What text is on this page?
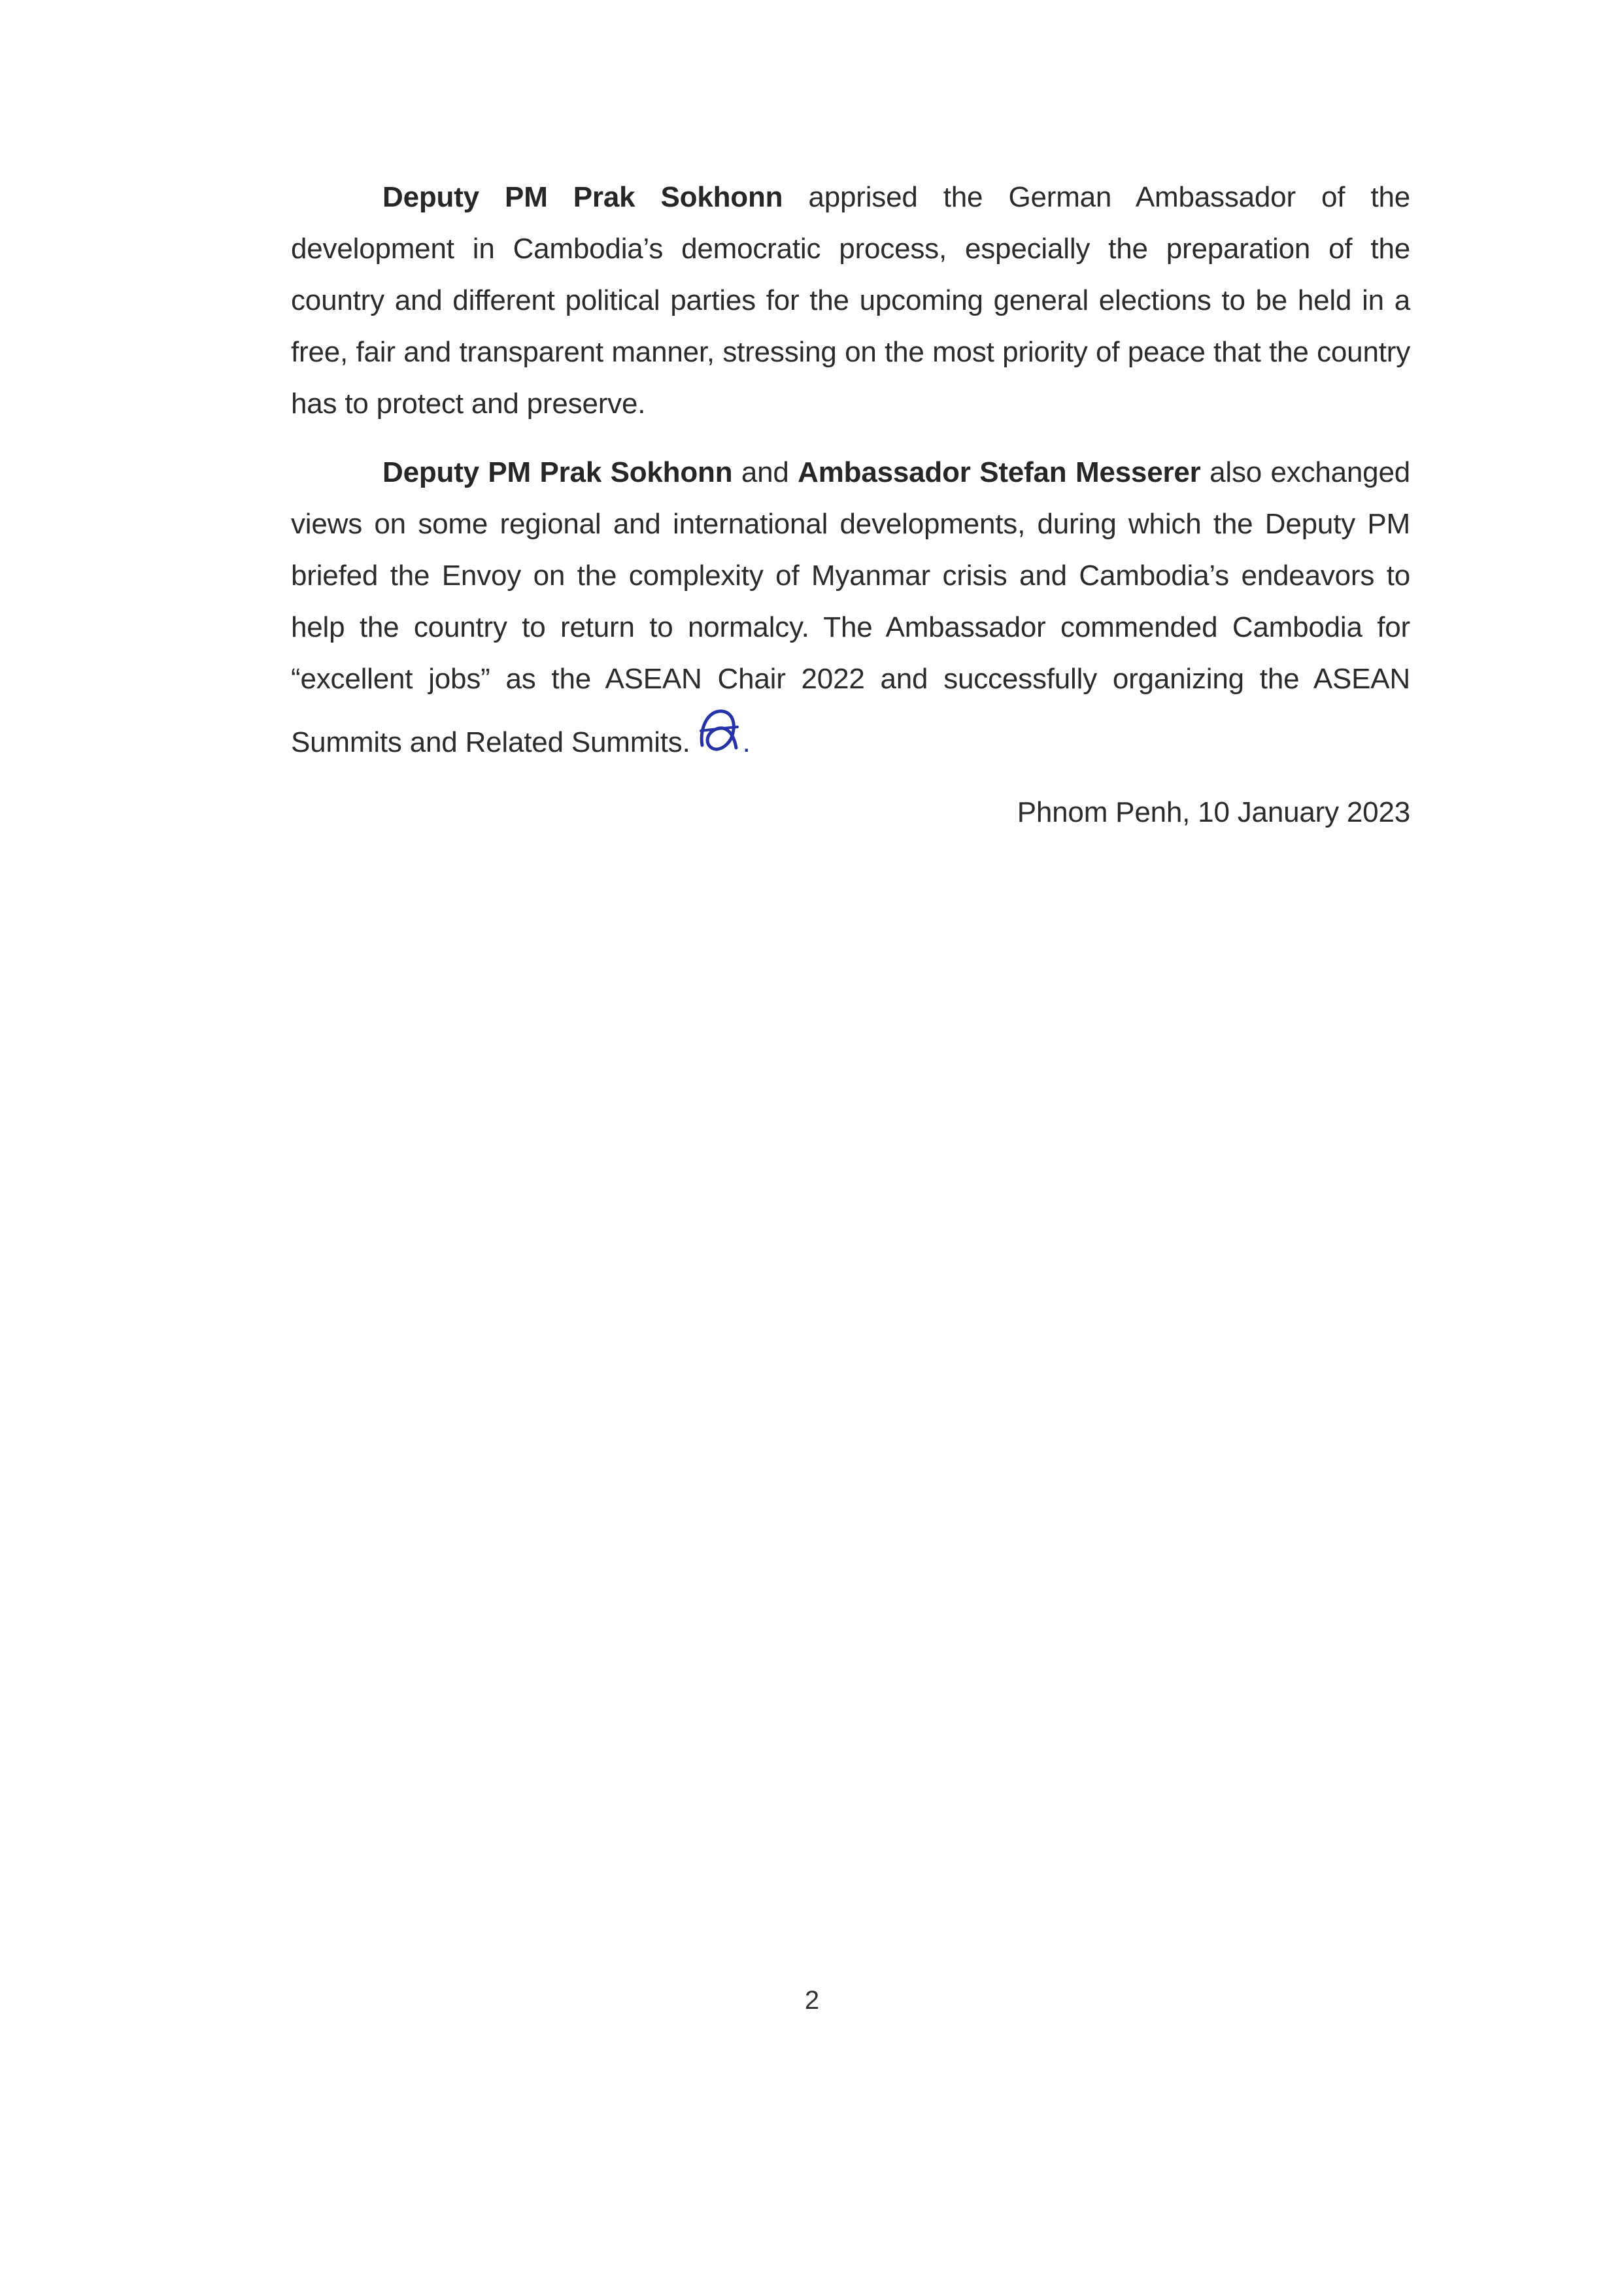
Deputy PM Prak Sokhonn apprised the German Ambassador of the development in Cambodia’s democratic process, especially the preparation of the country and different political parties for the upcoming general elections to be held in a free, fair and transparent manner, stressing on the most priority of peace that the country has to protect and preserve.

Deputy PM Prak Sokhonn and Ambassador Stefan Messerer also exchanged views on some regional and international developments, during which the Deputy PM briefed the Envoy on the complexity of Myanmar crisis and Cambodia’s endeavors to help the country to return to normalcy. The Ambassador commended Cambodia for “excellent jobs” as the ASEAN Chair 2022 and successfully organizing the ASEAN Summits and Related Summits. .

Phnom Penh, 10 January 2023
2
